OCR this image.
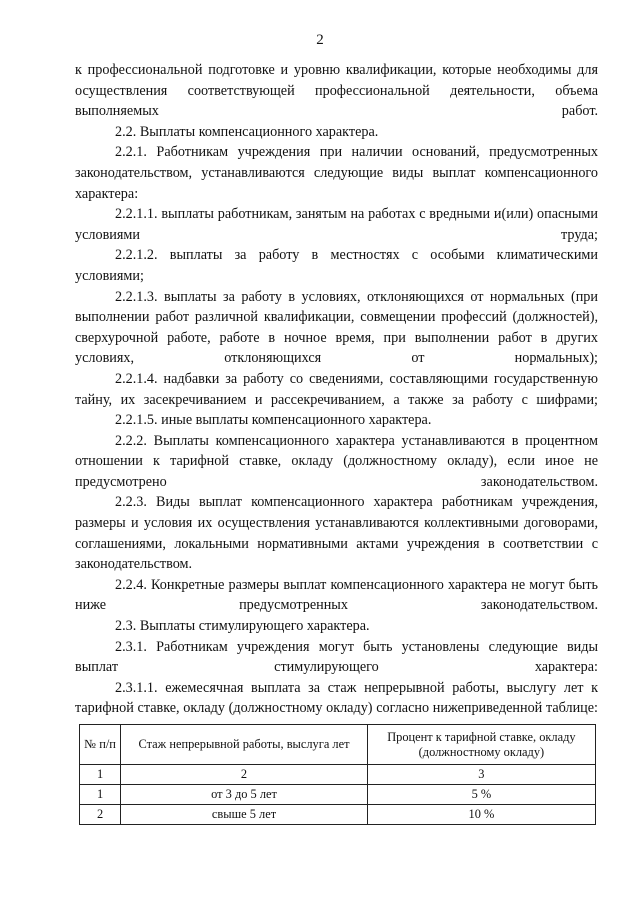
2

к профессиональной подготовке и уровню квалификации, которые необходимы для осуществления соответствующей профессиональной деятельности, объема выполняемых работ.

2.2. Выплаты компенсационного характера.

2.2.1. Работникам учреждения при наличии оснований, предусмотренных законодательством, устанавливаются следующие виды выплат компенсационного характера:

2.2.1.1. выплаты работникам, занятым на работах с вредными и(или) опасными условиями труда;

2.2.1.2. выплаты за работу в местностях с особыми климатическими условиями;

2.2.1.3. выплаты за работу в условиях, отклоняющихся от нормальных (при выполнении работ различной квалификации, совмещении профессий (должностей), сверхурочной работе, работе в ночное время, при выполнении работ в других условиях, отклоняющихся от нормальных);

2.2.1.4. надбавки за работу со сведениями, составляющими государственную тайну, их засекречиванием и рассекречиванием, а также за работу с шифрами;

2.2.1.5. иные выплаты компенсационного характера.

2.2.2. Выплаты компенсационного характера устанавливаются в процентном отношении к тарифной ставке, окладу (должностному окладу), если иное не предусмотрено законодательством.

2.2.3. Виды выплат компенсационного характера работникам учреждения, размеры и условия их осуществления устанавливаются коллективными договорами, соглашениями, локальными нормативными актами учреждения в соответствии с законодательством.

2.2.4. Конкретные размеры выплат компенсационного характера не могут быть ниже предусмотренных законодательством.

2.3. Выплаты стимулирующего характера.

2.3.1. Работникам учреждения могут быть установлены следующие виды выплат стимулирующего характера:

2.3.1.1. ежемесячная выплата за стаж непрерывной работы, выслугу лет к тарифной ставке, окладу (должностному окладу) согласно нижеприведенной таблице:

№ п/п	Стаж непрерывной работы, выслуга лет	Процент к тарифной ставке, окладу (должностному окладу)
1	2	3
1	от 3 до 5 лет	5 %
2	свыше 5 лет	10 %
